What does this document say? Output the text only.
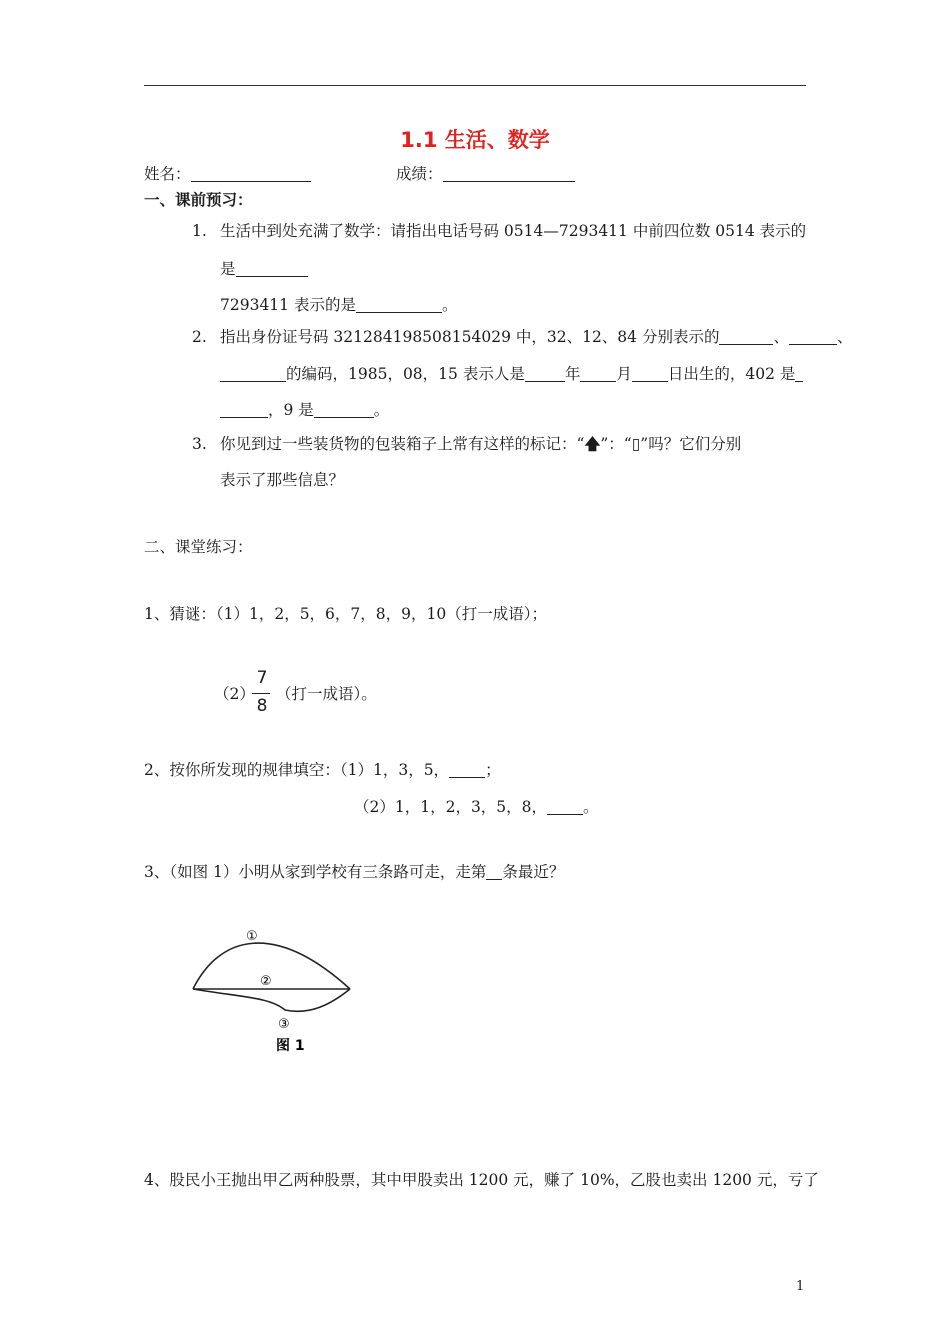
1.1 生活、数学
姓名：	成绩：
一、课前预习：
1. 生活中到处充满了数学：请指出电话号码 0514—7293411 中前四位数 0514 表示的
是
7293411 表示的是	。
2. 指出身份证号码 321284198508154029 中，32、12、84 分别表示的	、	、
的编码，1985，08，15 表示人是	年 月 日出生的，402 是
，9 是	。
3. 你见到过一些装货物的包装箱子上常有这样的标记：“🡅”：“▯”吗？它们分别
表示了那些信息？
二、课堂练习：
1、猜谜：（1）1，2，5，6，7，8，9，10（打一成语）；
（2）
7
8
（打一成语）。
2、按你所发现的规律填空：（1）1，3，5， ；
（2）1，1，2，3，5，8， 。
3、（如图 1）小明从家到学校有三条路可走，走第 条最近？
①
②
③
图 1
4、股民小王抛出甲乙两种股票，其中甲股卖出 1200 元，赚了 10%，乙股也卖出 1200 元，亏了
1
